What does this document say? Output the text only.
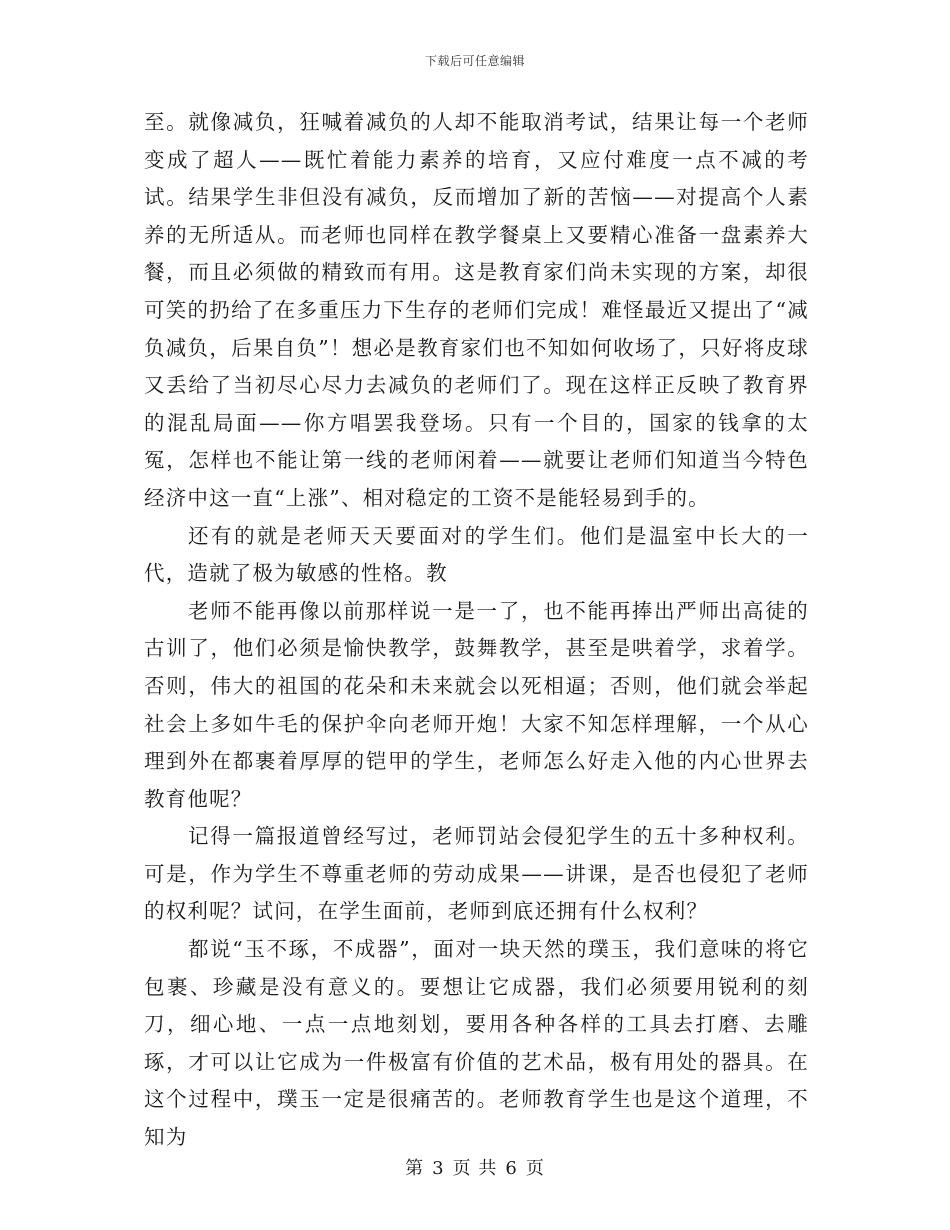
下载后可任意编辑

至。就像减负，狂喊着减负的人却不能取消考试，结果让每一个老师变成了超人——既忙着能力素养的培育，又应付难度一点不减的考试。结果学生非但没有减负，反而增加了新的苦恼——对提高个人素养的无所适从。而老师也同样在教学餐桌上又要精心准备一盘素养大餐，而且必须做的精致而有用。这是教育家们尚未实现的方案，却很可笑的扔给了在多重压力下生存的老师们完成！难怪最近又提出了“减负减负，后果自负”！想必是教育家们也不知如何收场了，只好将皮球又丢给了当初尽心尽力去减负的老师们了。现在这样正反映了教育界的混乱局面——你方唱罢我登场。只有一个目的，国家的钱拿的太冤，怎样也不能让第一线的老师闲着——就要让老师们知道当今特色经济中这一直“上涨”、相对稳定的工资不是能轻易到手的。

还有的就是老师天天要面对的学生们。他们是温室中长大的一代，造就了极为敏感的性格。教

老师不能再像以前那样说一是一了，也不能再捧出严师出高徒的古训了，他们必须是愉快教学，鼓舞教学，甚至是哄着学，求着学。否则，伟大的祖国的花朵和未来就会以死相逼；否则，他们就会举起社会上多如牛毛的保护伞向老师开炮！大家不知怎样理解，一个从心理到外在都裹着厚厚的铠甲的学生，老师怎么好走入他的内心世界去教育他呢？

记得一篇报道曾经写过，老师罚站会侵犯学生的五十多种权利。可是，作为学生不尊重老师的劳动成果——讲课，是否也侵犯了老师的权利呢？试问，在学生面前，老师到底还拥有什么权利？

都说“玉不琢，不成器”，面对一块天然的璞玉，我们意味的将它包裹、珍藏是没有意义的。要想让它成器，我们必须要用锐利的刻刀，细心地、一点一点地刻划，要用各种各样的工具去打磨、去雕琢，才可以让它成为一件极富有价值的艺术品，极有用处的器具。在这个过程中，璞玉一定是很痛苦的。老师教育学生也是这个道理，不知为

第 3 页 共 6 页
